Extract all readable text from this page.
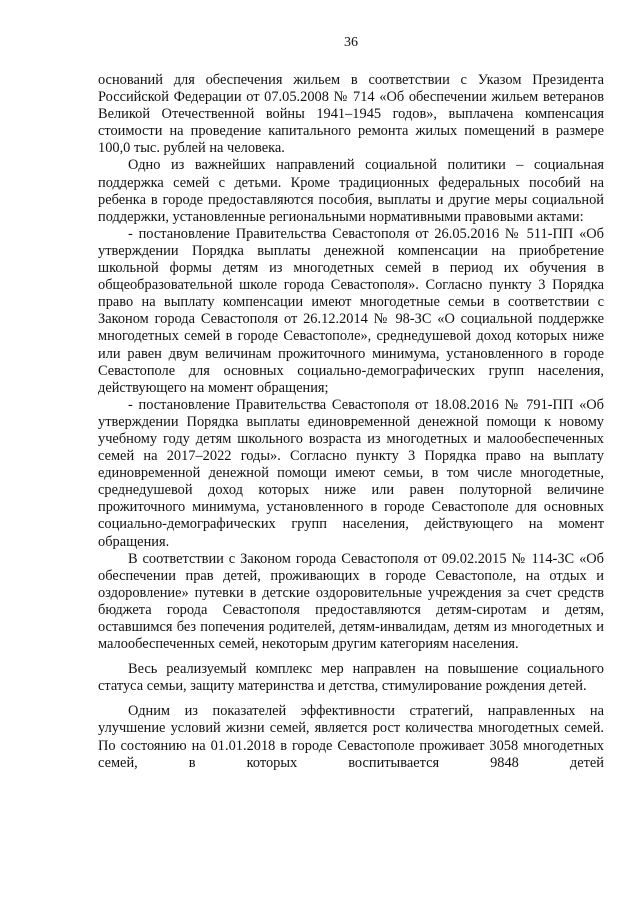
36

оснований для обеспечения жильем в соответствии с Указом Президента Российской Федерации от 07.05.2008 № 714 «Об обеспечении жильем ветеранов Великой Отечественной войны 1941–1945 годов», выплачена компенсация стоимости на проведение капитального ремонта жилых помещений в размере 100,0 тыс. рублей на человека.

Одно из важнейших направлений социальной политики – социальная поддержка семей с детьми. Кроме традиционных федеральных пособий на ребенка в городе предоставляются пособия, выплаты и другие меры социальной поддержки, установленные региональными нормативными правовыми актами:

- постановление Правительства Севастополя от 26.05.2016 № 511-ПП «Об утверждении Порядка выплаты денежной компенсации на приобретение школьной формы детям из многодетных семей в период их обучения в общеобразовательной школе города Севастополя». Согласно пункту 3 Порядка право на выплату компенсации имеют многодетные семьи в соответствии с Законом города Севастополя от 26.12.2014 № 98-ЗС «О социальной поддержке многодетных семей в городе Севастополе», среднедушевой доход которых ниже или равен двум величинам прожиточного минимума, установленного в городе Севастополе для основных социально-демографических групп населения, действующего на момент обращения;

- постановление Правительства Севастополя от 18.08.2016 № 791-ПП «Об утверждении Порядка выплаты единовременной денежной помощи к новому учебному году детям школьного возраста из многодетных и малообеспеченных семей на 2017–2022 годы». Согласно пункту 3 Порядка право на выплату единовременной денежной помощи имеют семьи, в том числе многодетные, среднедушевой доход которых ниже или равен полуторной величине прожиточного минимума, установленного в городе Севастополе для основных социально-демографических групп населения, действующего на момент обращения.

В соответствии с Законом города Севастополя от 09.02.2015 № 114-ЗС «Об обеспечении прав детей, проживающих в городе Севастополе, на отдых и оздоровление» путевки в детские оздоровительные учреждения за счет средств бюджета города Севастополя предоставляются детям-сиротам и детям, оставшимся без попечения родителей, детям-инвалидам, детям из многодетных и малообеспеченных семей, некоторым другим категориям населения.

Весь реализуемый комплекс мер направлен на повышение социального статуса семьи, защиту материнства и детства, стимулирование рождения детей.

Одним из показателей эффективности стратегий, направленных на улучшение условий жизни семей, является рост количества многодетных семей. По состоянию на 01.01.2018 в городе Севастополе проживает 3058 многодетных семей, в которых воспитывается 9848 детей
